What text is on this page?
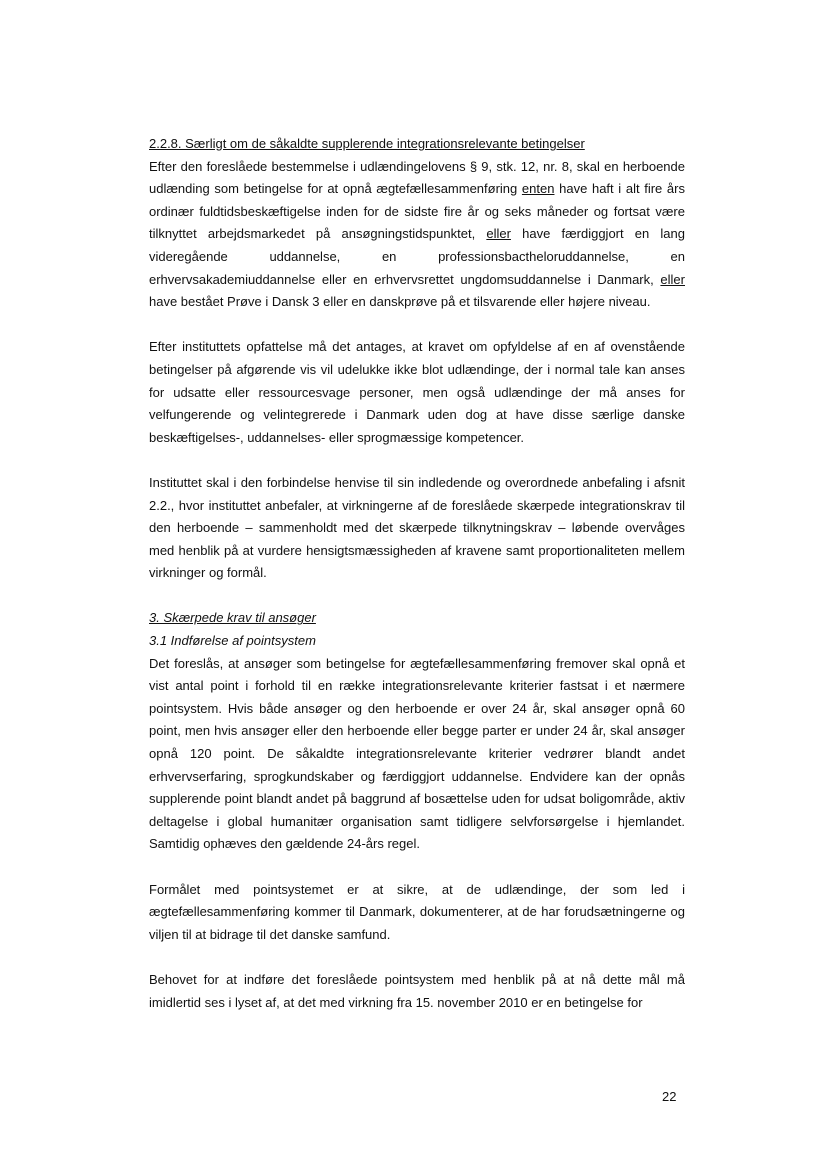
2.2.8. Særligt om de såkaldte supplerende integrationsrelevante betingelser

Efter den foreslåede bestemmelse i udlændingelovens § 9, stk. 12, nr. 8, skal en herboende udlænding som betingelse for at opnå ægtefællesammenføring enten have haft i alt fire års ordinær fuldtidsbeskæftigelse inden for de sidste fire år og seks måneder og fortsat være tilknyttet arbejdsmarkedet på ansøgningstidspunktet, eller have færdiggjort en lang videregående uddannelse, en professionsbactheloruddannelse, en erhvervsakademiuddannelse eller en erhvervsrettet ungdomsuddannelse i Danmark, eller have bestået Prøve i Dansk 3 eller en danskprøve på et tilsvarende eller højere niveau.

Efter instituttets opfattelse må det antages, at kravet om opfyldelse af en af ovenstående betingelser på afgørende vis vil udelukke ikke blot udlændinge, der i normal tale kan anses for udsatte eller ressourcesvage personer, men også udlændinge der må anses for velfungerende og velintegrerede i Danmark uden dog at have disse særlige danske beskæftigelses-, uddannelses- eller sprogmæssige kompetencer.

Instituttet skal i den forbindelse henvise til sin indledende og overordnede anbefaling i afsnit 2.2., hvor instituttet anbefaler, at virkningerne af de foreslåede skærpede integrationskrav til den herboende – sammenholdt med det skærpede tilknytningskrav – løbende overvåges med henblik på at vurdere hensigtsmæssigheden af kravene samt proportionaliteten mellem virkninger og formål.

3. Skærpede krav til ansøger
3.1 Indførelse af pointsystem

Det foreslås, at ansøger som betingelse for ægtefællesammenføring fremover skal opnå et vist antal point i forhold til en række integrationsrelevante kriterier fastsat i et nærmere pointsystem. Hvis både ansøger og den herboende er over 24 år, skal ansøger opnå 60 point, men hvis ansøger eller den herboende eller begge parter er under 24 år, skal ansøger opnå 120 point. De såkaldte integrationsrelevante kriterier vedrører blandt andet erhvervserfaring, sprogkundskaber og færdiggjort uddannelse. Endvidere kan der opnås supplerende point blandt andet på baggrund af bosættelse uden for udsat boligområde, aktiv deltagelse i global humanitær organisation samt tidligere selvforsørgelse i hjemlandet. Samtidig ophæves den gældende 24-års regel.

Formålet med pointsystemet er at sikre, at de udlændinge, der som led i ægtefællesammenføring kommer til Danmark, dokumenterer, at de har forudsætningerne og viljen til at bidrage til det danske samfund.

Behovet for at indføre det foreslåede pointsystem med henblik på at nå dette mål må imidlertid ses i lyset af, at det med virkning fra 15. november 2010 er en betingelse for

22
